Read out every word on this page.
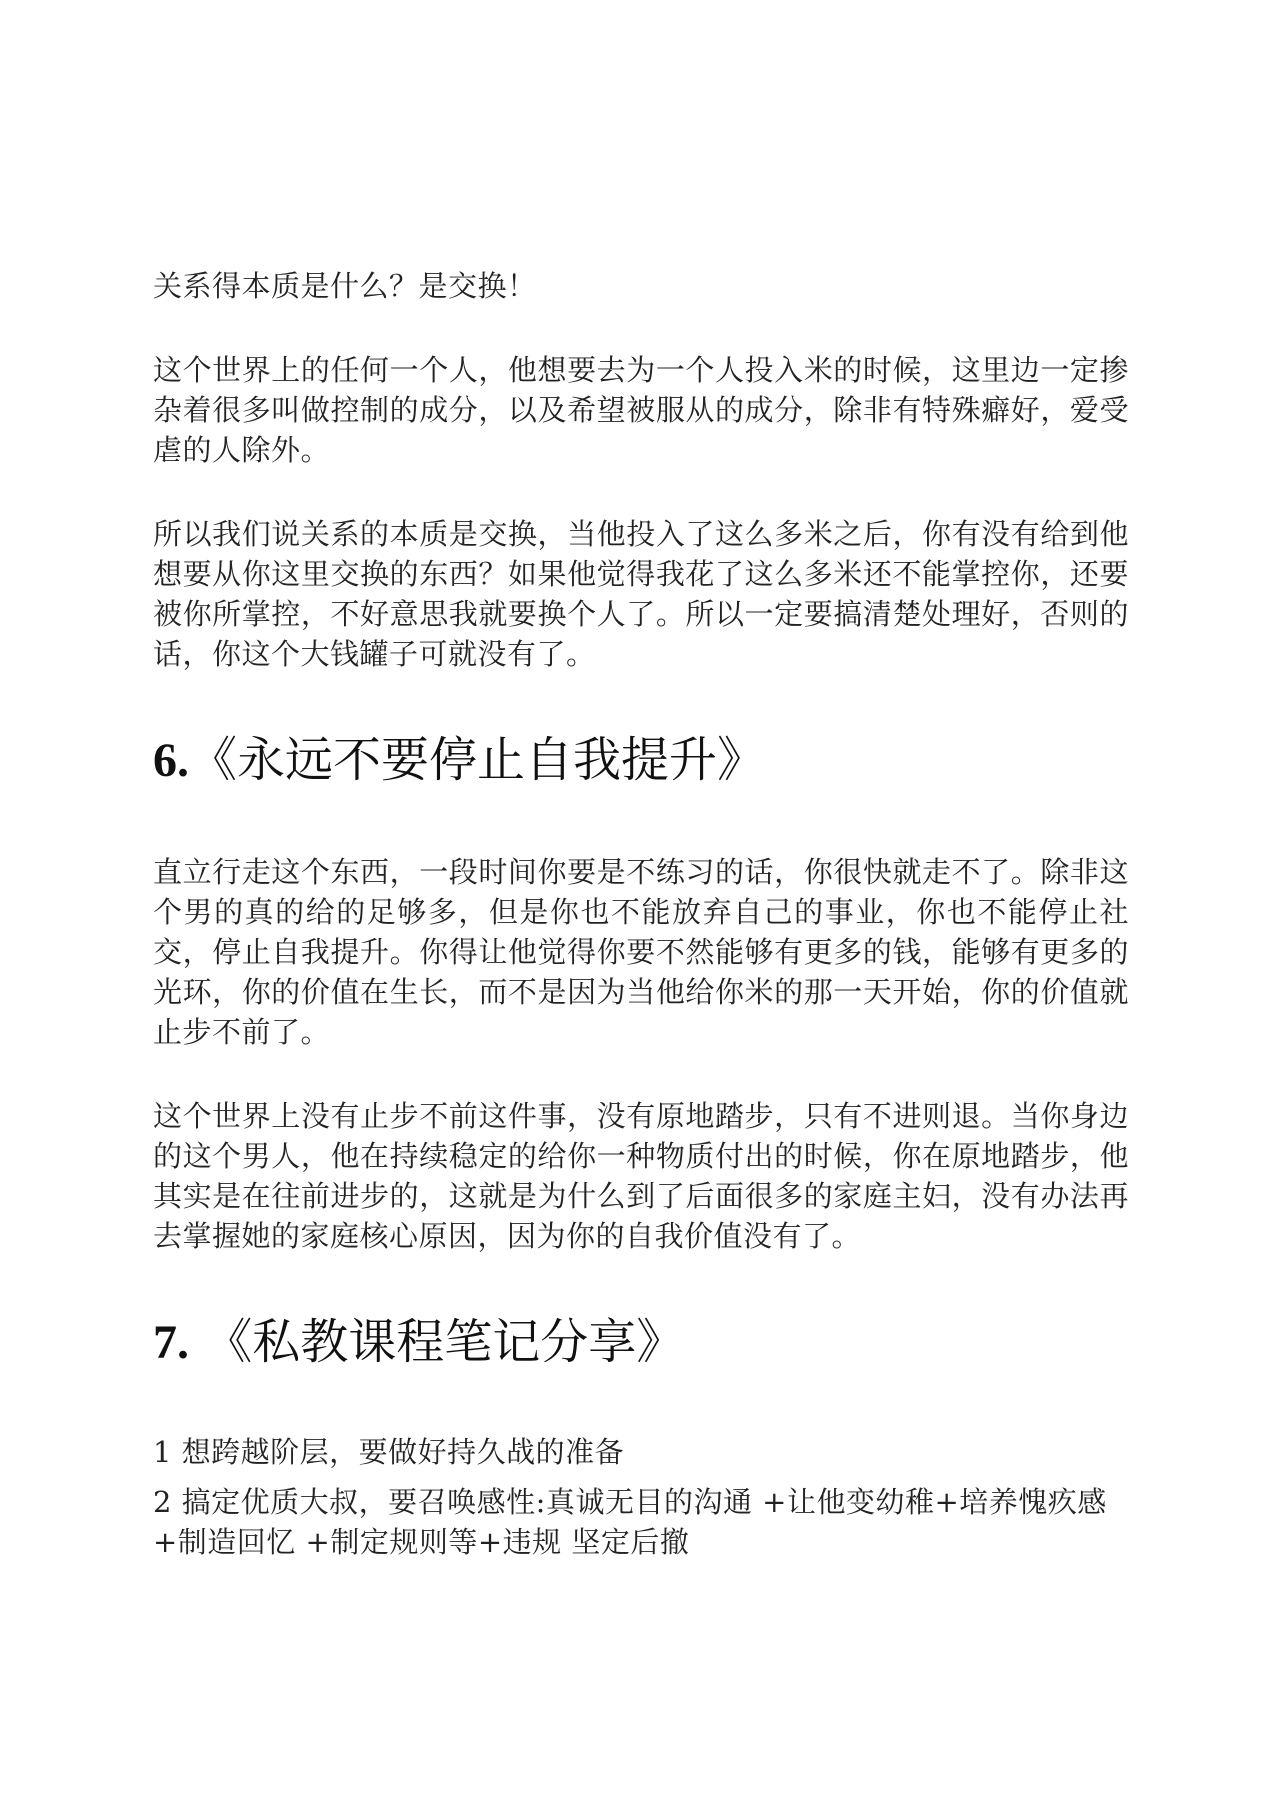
关系得本质是什么？是交换！

这个世界上的任何一个人，他想要去为一个人投入米的时候，这里边一定掺杂着很多叫做控制的成分，以及希望被服从的成分，除非有特殊癖好，爱受虐的人除外。

所以我们说关系的本质是交换，当他投入了这么多米之后，你有没有给到他想要从你这里交换的东西？如果他觉得我花了这么多米还不能掌控你，还要被你所掌控，不好意思我就要换个人了。所以一定要搞清楚处理好，否则的话，你这个大钱罐子可就没有了。

6.《永远不要停止自我提升》

直立行走这个东西，一段时间你要是不练习的话，你很快就走不了。除非这个男的真的给的足够多，但是你也不能放弃自己的事业，你也不能停止社交，停止自我提升。你得让他觉得你要不然能够有更多的钱，能够有更多的光环，你的价值在生长，而不是因为当他给你米的那一天开始，你的价值就止步不前了。

这个世界上没有止步不前这件事，没有原地踏步，只有不进则退。当你身边的这个男人，他在持续稳定的给你一种物质付出的时候，你在原地踏步，他其实是在往前进步的，这就是为什么到了后面很多的家庭主妇，没有办法再去掌握她的家庭核心原因，因为你的自我价值没有了。

7. 《私教课程笔记分享》

1 想跨越阶层，要做好持久战的准备

2 搞定优质大叔，要召唤感性:真诚无目的沟通 +让他变幼稚+培养愧疚感 +制造回忆 +制定规则等+违规 坚定后撤
